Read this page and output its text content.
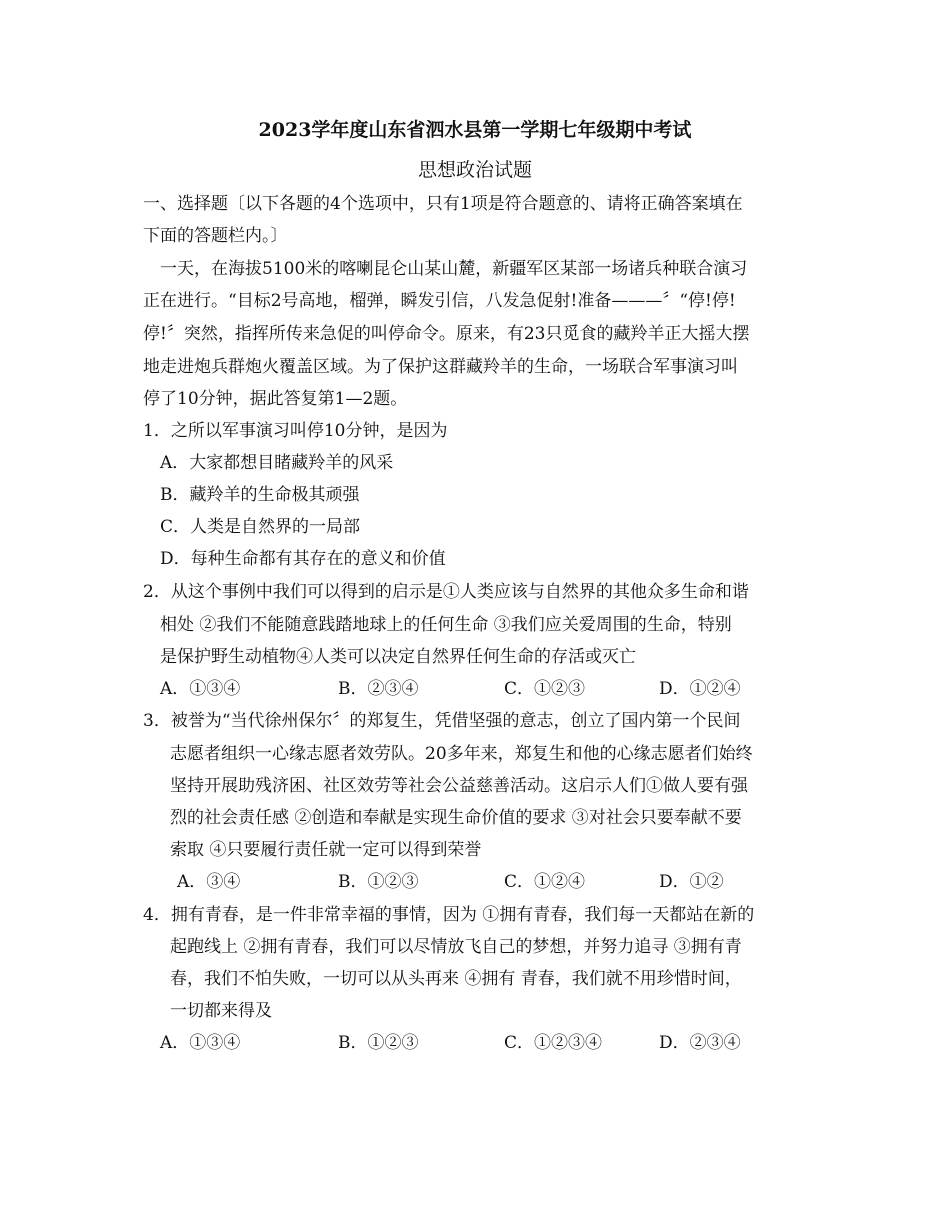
2023学年度山东省泗水县第一学期七年级期中考试
思想政治试题
一、选择题〔以下各题的4个选项中，只有1项是符合题意的、请将正确答案填在
下面的答题栏内。〕
一天，在海拔5100米的喀喇昆仑山某山麓，新疆军区某部一场诸兵种联合演习
正在进行。“目标2号高地，榴弹，瞬发引信，八发急促射!准备———〞“停!停!
停!〞突然，指挥所传来急促的叫停命令。原来，有23只觅食的藏羚羊正大摇大摆
地走进炮兵群炮火覆盖区域。为了保护这群藏羚羊的生命，一场联合军事演习叫
停了10分钟，据此答复第1—2题。
1．之所以军事演习叫停10分钟，是因为
A．大家都想目睹藏羚羊的风采
B．藏羚羊的生命极其顽强
C．人类是自然界的一局部
D．每种生命都有其存在的意义和价值
2．从这个事例中我们可以得到的启示是①人类应该与自然界的其他众多生命和谐
相处 ②我们不能随意践踏地球上的任何生命 ③我们应关爱周围的生命，特别
是保护野生动植物④人类可以决定自然界任何生命的存活或灭亡
A．①③④	B．②③④	C．①②③	D．①②④
3．被誉为“当代徐州保尔〞的郑复生，凭借坚强的意志，创立了国内第一个民间
志愿者组织一心缘志愿者效劳队。20多年来，郑复生和他的心缘志愿者们始终
坚持开展助残济困、社区效劳等社会公益慈善活动。这启示人们①做人要有强
烈的社会责任感 ②创造和奉献是实现生命价值的要求 ③对社会只要奉献不要
索取 ④只要履行责任就一定可以得到荣誉
A．③④	B．①②③	C．①②④	D．①②
4．拥有青春，是一件非常幸福的事情，因为 ①拥有青春，我们每一天都站在新的
起跑线上 ②拥有青春，我们可以尽情放飞自己的梦想，并努力追寻 ③拥有青
春，我们不怕失败，一切可以从头再来 ④拥有 青春，我们就不用珍惜时间，
一切都来得及
A．①③④	B．①②③	C．①②③④	D．②③④
